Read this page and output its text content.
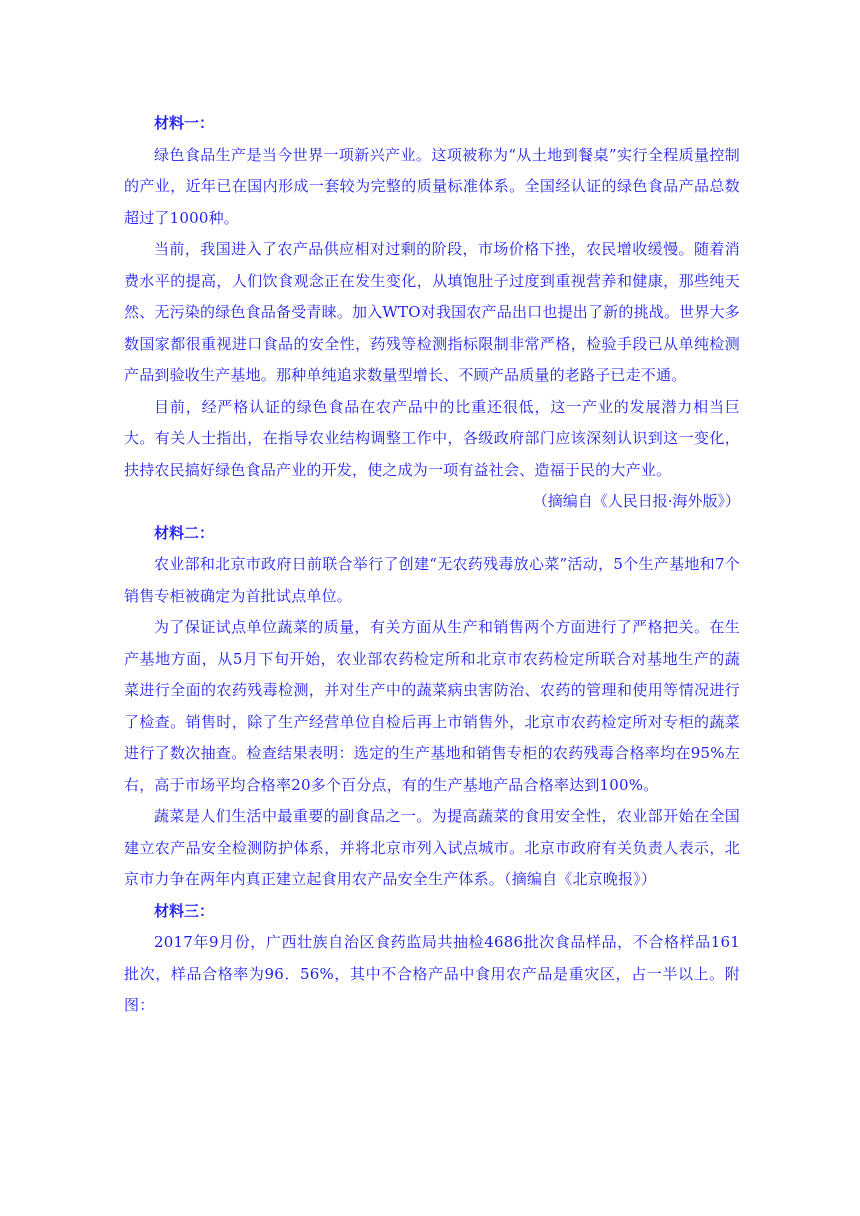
材料一：

绿色食品生产是当今世界一项新兴产业。这项被称为“从土地到餐桌”实行全程质量控制的产业，近年已在国内形成一套较为完整的质量标准体系。全国经认证的绿色食品产品总数超过了1000种。

当前，我国进入了农产品供应相对过剩的阶段，市场价格下挫，农民增收缓慢。随着消费水平的提高，人们饮食观念正在发生变化，从填饱肚子过度到重视营养和健康，那些纯天然、无污染的绿色食品备受青睐。加入WTO对我国农产品出口也提出了新的挑战。世界大多数国家都很重视进口食品的安全性，药残等检测指标限制非常严格，检验手段已从单纯检测产品到验收生产基地。那种单纯追求数量型增长、不顾产品质量的老路子已走不通。

目前，经严格认证的绿色食品在农产品中的比重还很低，这一产业的发展潜力相当巨大。有关人士指出，在指导农业结构调整工作中，各级政府部门应该深刻认识到这一变化，扶持农民搞好绿色食品产业的开发，使之成为一项有益社会、造福于民的大产业。

（摘编自《人民日报·海外版》）

材料二：

农业部和北京市政府日前联合举行了创建“无农药残毒放心菜”活动，5个生产基地和7个销售专柜被确定为首批试点单位。

为了保证试点单位蔬菜的质量，有关方面从生产和销售两个方面进行了严格把关。在生产基地方面，从5月下旬开始，农业部农药检定所和北京市农药检定所联合对基地生产的蔬菜进行全面的农药残毒检测，并对生产中的蔬菜病虫害防治、农药的管理和使用等情况进行了检查。销售时，除了生产经营单位自检后再上市销售外，北京市农药检定所对专柜的蔬菜进行了数次抽查。检查结果表明：选定的生产基地和销售专柜的农药残毒合格率均在95%左右，高于市场平均合格率20多个百分点，有的生产基地产品合格率达到100%。

蔬菜是人们生活中最重要的副食品之一。为提高蔬菜的食用安全性，农业部开始在全国建立农产品安全检测防护体系，并将北京市列入试点城市。北京市政府有关负责人表示，北京市力争在两年内真正建立起食用农产品安全生产体系。（摘编自《北京晚报》）

材料三：

2017年9月份，广西壮族自治区食药监局共抽检4686批次食品样品，不合格样品161批次，样品合格率为96．56%，其中不合格产品中食用农产品是重灾区，占一半以上。附图：
